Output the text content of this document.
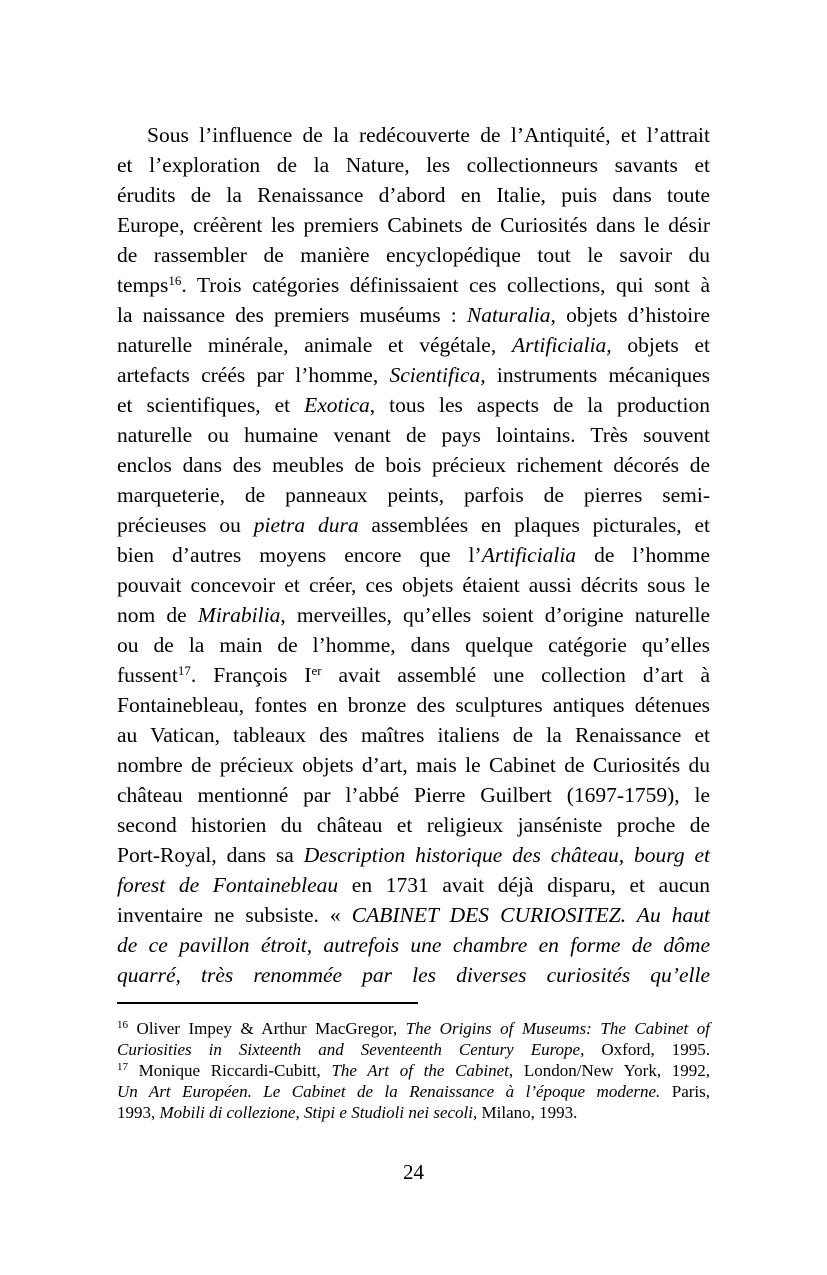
Sous l’influence de la redécouverte de l’Antiquité, et l’attrait
et l’exploration de la Nature, les collectionneurs savants et
érudits de la Renaissance d’abord en Italie, puis dans toute
Europe, créèrent les premiers Cabinets de Curiosités dans le désir
de rassembler de manière encyclopédique tout le savoir du
temps$^{16}$. Trois catégories définissaient ces collections, qui sont à
la naissance des premiers muséums : Naturalia, objets d’histoire
naturelle minérale, animale et végétale, Artificialia, objets et
artefacts créés par l’homme, Scientifica, instruments mécaniques
et scientifiques, et Exotica, tous les aspects de la production
naturelle ou humaine venant de pays lointains. Très souvent
enclos dans des meubles de bois précieux richement décorés de
marqueterie, de panneaux peints, parfois de pierres semi-
précieuses ou pietra dura assemblées en plaques picturales, et
bien d’autres moyens encore que l’Artificialia de l’homme
pouvait concevoir et créer, ces objets étaient aussi décrits sous le
nom de Mirabilia, merveilles, qu’elles soient d’origine naturelle
ou de la main de l’homme, dans quelque catégorie qu’elles
fussent$^{17}$. François Ier avait assemblé une collection d’art à
Fontainebleau, fontes en bronze des sculptures antiques détenues
au Vatican, tableaux des maîtres italiens de la Renaissance et
nombre de précieux objets d’art, mais le Cabinet de Curiosités du
château mentionné par l’abbé Pierre Guilbert (1697-1759), le
second historien du château et religieux janséniste proche de
Port-Royal, dans sa Description historique des château, bourg et
forest de Fontainebleau en 1731 avait déjà disparu, et aucun
inventaire ne subsiste. « CABINET DES CURIOSITEZ. Au haut
de ce pavillon étroit, autrefois une chambre en forme de dôme
quarré, très renommée par les diverses curiosités qu’elle
$^{16}$ Oliver Impey & Arthur MacGregor, The Origins of Museums: The Cabinet of
Curiosities in Sixteenth and Seventeenth Century Europe, Oxford, 1995.
$^{17}$ Monique Riccardi-Cubitt, The Art of the Cabinet, London/New York, 1992,
Un Art Européen. Le Cabinet de la Renaissance à l’époque moderne. Paris,
1993, Mobili di collezione, Stipi e Studioli nei secoli, Milano, 1993.
24
